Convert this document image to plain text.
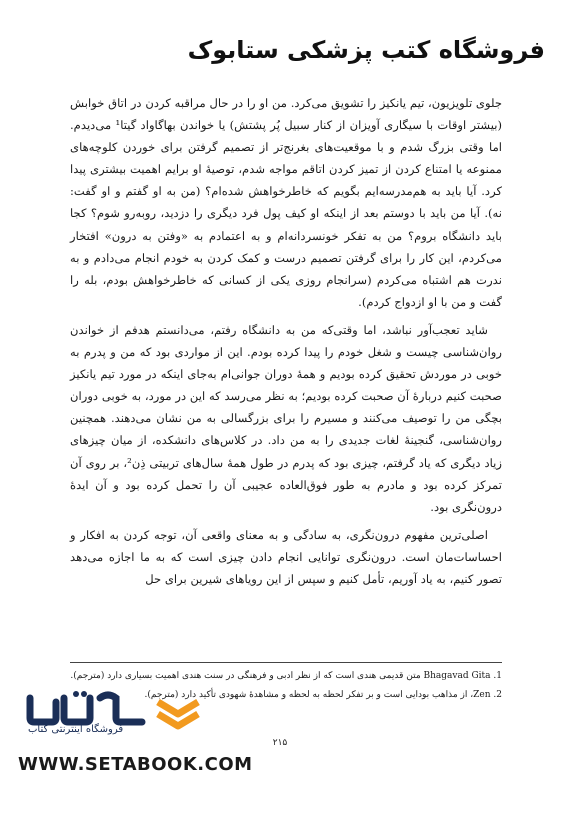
فروشگاه کتب پزشکی ستابوک

جلوی تلویزیون، تیم یانکیز را تشویق می‌کرد. من او را در حال مراقبه کردن در اتاق خوابش (بیشتر اوقات با سیگاری آویزان از کنار سبیل پُر پشتش) یا خواندن بهاگاواد گیتا¹ می‌دیدم. اما وقتی بزرگ شدم و با موقعیت‌های بغرنج‌تر از تصمیم گرفتن برای خوردن کلوچه‌های ممنوعه یا امتناع کردن از تمیز کردن اتاقم مواجه شدم، توصیهٔ او برایم اهمیت بیشتری پیدا کرد. آیا باید به هم‌مدرسه‌ایم بگویم که خاطرخواهش شده‌ام؟ (من به او گفتم و او گفت: نه). آیا من باید با دوستم بعد از اینکه او کیف پول فرد دیگری را دزدید، روبه‌رو شوم؟ کجا باید دانشگاه بروم؟ من به تفکر خونسردانه‌ام و به اعتمادم به «وفتن به درون» افتخار می‌کردم، این کار را برای گرفتن تصمیم درست و کمک کردن به خودم انجام می‌دادم و به ندرت هم اشتباه می‌کردم (سرانجام روزی یکی از کسانی که خاطرخواهش بودم، بله را گفت و من با او ازدواج کردم).

شاید تعجب‌آور نباشد، اما وقتی‌که من به دانشگاه رفتم، می‌دانستم هدفم از خواندن روان‌شناسی چیست و شغل خودم را پیدا کرده بودم. این از مواردی بود که من و پدرم به خوبی در موردش تحقیق کرده بودیم و همهٔ دوران جوانی‌ام به‌جای اینکه در مورد تیم یانکیز صحبت کنیم دربارهٔ آن صحبت کرده بودیم؛ به نظر می‌رسد که این در مورد، به خوبی دوران بچگی من را توصیف می‌کنند و مسیرم را برای بزرگسالی به من نشان می‌دهند. همچنین روان‌شناسی، گنجینهٔ لغات جدیدی را به من داد. در کلاس‌های دانشکده، از میان چیزهای زیاد دیگری که یاد گرفتم، چیزی بود که پدرم در طول همهٔ سال‌های تربیتی ذِن²، بر روی آن تمرکز کرده بود و مادرم به طور فوق‌العاده عجیبی آن را تحمل کرده بود و آن ایدهٔ درون‌نگری بود.

اصلی‌ترین مفهوم درون‌نگری، به سادگی و به معنای واقعی آن، توجه کردن به افکار و احساسات‌مان است. درون‌نگری توانایی انجام دادن چیزی است که به ما اجازه می‌دهد تصور کنیم، به یاد آوریم، تأمل کنیم و سپس از این رویاهای شیرین برای حل

1. Bhagavad Gita متن قدیمی هندی است که از نظر ادبی و فرهنگی در سنت هندی اهمیت بسیاری دارد (مترجم).

2. Zen، از مذاهب بودایی است و بر تفکر لحظه به لحظه و مشاهدهٔ شهودی تأکید دارد (مترجم).

فروشگاه اینترنتی کتاب
۲۱۵
WWW.SETABOOK.COM
